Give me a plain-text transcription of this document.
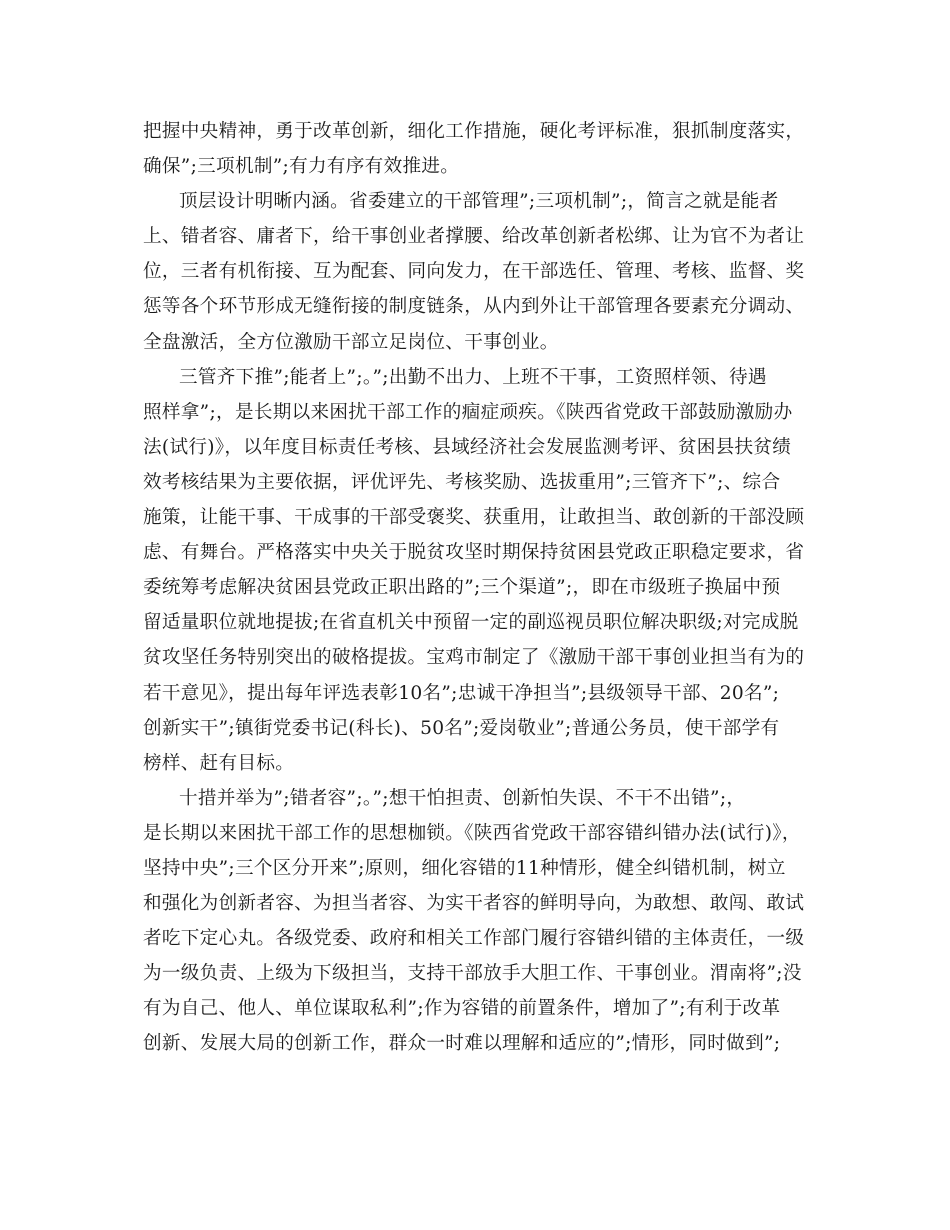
把握中央精神，勇于改革创新，细化工作措施，硬化考评标准，狠抓制度落实，
确保”;三项机制”;有力有序有效推进。

顶层设计明晰内涵。省委建立的干部管理”;三项机制”;，简言之就是能者
上、错者容、庸者下，给干事创业者撑腰、给改革创新者松绑、让为官不为者让
位，三者有机衔接、互为配套、同向发力，在干部选任、管理、考核、监督、奖
惩等各个环节形成无缝衔接的制度链条，从内到外让干部管理各要素充分调动、
全盘激活，全方位激励干部立足岗位、干事创业。

三管齐下推”;能者上”;。”;出勤不出力、上班不干事，工资照样领、待遇
照样拿”;，是长期以来困扰干部工作的痼症顽疾。《陕西省党政干部鼓励激励办
法(试行)》，以年度目标责任考核、县域经济社会发展监测考评、贫困县扶贫绩
效考核结果为主要依据，评优评先、考核奖励、选拔重用”;三管齐下”;、综合
施策，让能干事、干成事的干部受褒奖、获重用，让敢担当、敢创新的干部没顾
虑、有舞台。严格落实中央关于脱贫攻坚时期保持贫困县党政正职稳定要求，省
委统筹考虑解决贫困县党政正职出路的”;三个渠道”;，即在市级班子换届中预
留适量职位就地提拔;在省直机关中预留一定的副巡视员职位解决职级;对完成脱
贫攻坚任务特别突出的破格提拔。宝鸡市制定了《激励干部干事创业担当有为的
若干意见》，提出每年评选表彰10名”;忠诚干净担当”;县级领导干部、20名”;
创新实干”;镇街党委书记(科长)、50名”;爱岗敬业”;普通公务员，使干部学有
榜样、赶有目标。

十措并举为”;错者容”;。”;想干怕担责、创新怕失误、不干不出错”;，
是长期以来困扰干部工作的思想枷锁。《陕西省党政干部容错纠错办法(试行)》，
坚持中央”;三个区分开来”;原则，细化容错的11种情形，健全纠错机制，树立
和强化为创新者容、为担当者容、为实干者容的鲜明导向，为敢想、敢闯、敢试
者吃下定心丸。各级党委、政府和相关工作部门履行容错纠错的主体责任，一级
为一级负责、上级为下级担当，支持干部放手大胆工作、干事创业。渭南将”;没
有为自己、他人、单位谋取私利”;作为容错的前置条件，增加了”;有利于改革
创新、发展大局的创新工作，群众一时难以理解和适应的”;情形，同时做到”;
